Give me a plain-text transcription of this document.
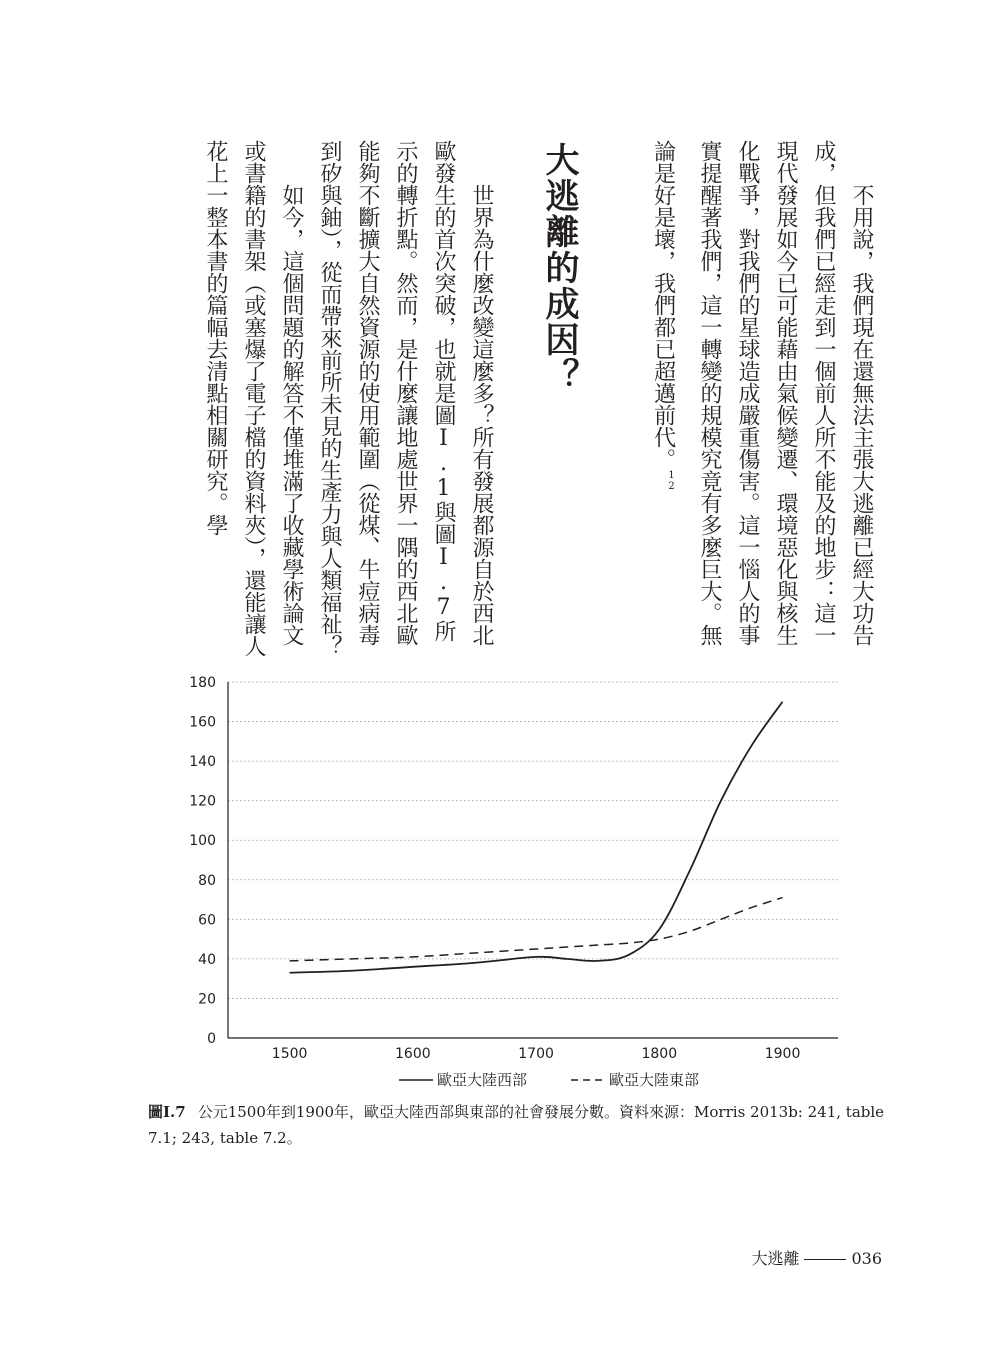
不用說，我們現在還無法主張大逃離已經大功告成，但我們已經走到一個前人所不能及的地步：這一現代發展如今已可能藉由氣候變遷、環境惡化與核生化戰爭，對我們的星球造成嚴重傷害。這一惱人的事實提醒著我們，這一轉變的規模究竟有多麼巨大。無論是好是壞，我們都已超邁前代。$^{12}$

大逃離的成因？

世界為什麼改變這麼多？所有發展都源自於西北歐發生的首次突破，也就是圖I.1與圖I.7所示的轉折點。然而，是什麼讓地處世界一隅的西北歐能夠不斷擴大自然資源的使用範圍（從煤、牛痘病毒到矽與鈾），從而帶來前所未見的生產力與人類福祉？

如今，這個問題的解答不僅堆滿了收藏學術論文或書籍的書架（或塞爆了電子檔的資料夾），還能讓人花上一整本書的篇幅去清點相關研究。學

0
20
40
60
80
100
120
140
160
180
1500	1600	1700	1800	1900
歐亞大陸西部	歐亞大陸東部
圖I.7 公元1500年到1900年，歐亞大陸西部與東部的社會發展分數。資料來源：Morris 2013b: 241, table 7.1; 243, table 7.2。
大逃離	036
